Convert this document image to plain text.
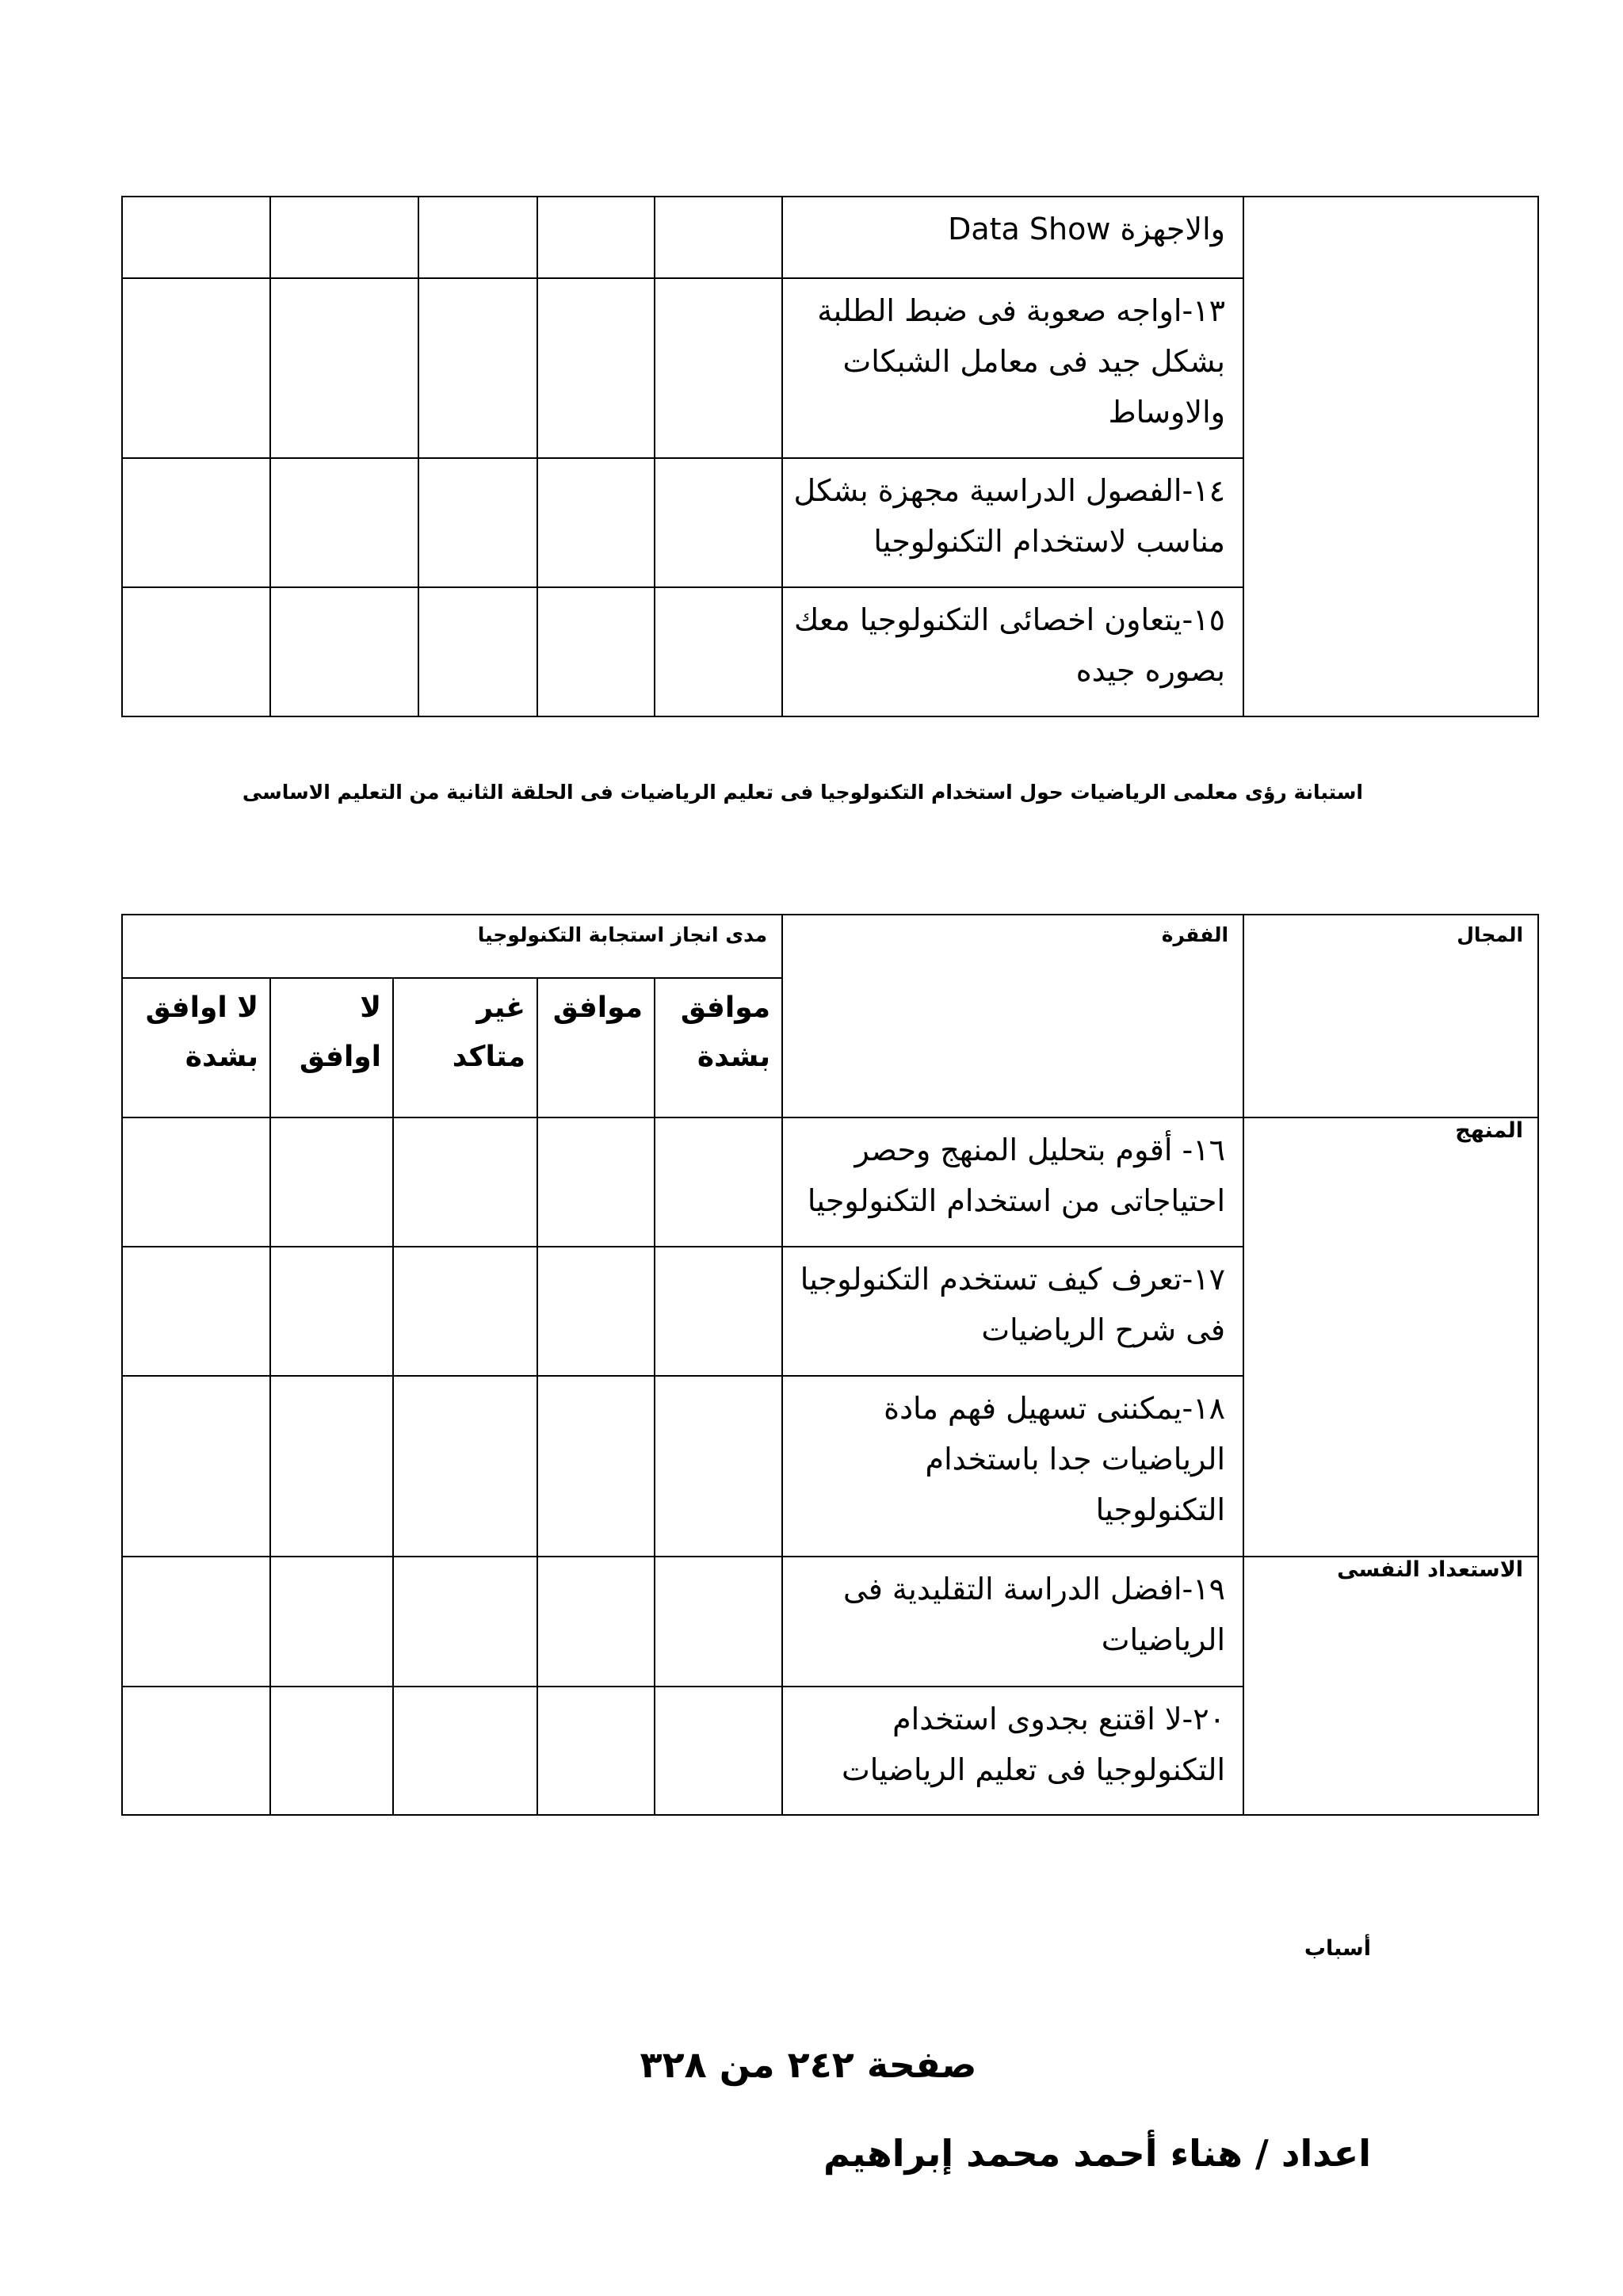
					والاجهزة Data Show	

					١٣-اواجه صعوبة فى ضبط الطلبة بشكل جيد فى معامل الشبكات والاوساط	

					١٤-الفصول الدراسية مجهزة بشكل مناسب لاستخدام التكنولوجيا	

					١٥-يتعاون اخصائى التكنولوجيا معك بصوره جيده	
استبانة رؤى معلمى الرياضيات حول استخدام التكنولوجيا فى تعليم الرياضيات فى الحلقة الثانية من التعليم الاساسى
مدى انجاز استجابة التكنولوجيا					الفقرة	المجال

لا اوافق بشدة	لا اوافق	غير متاكد	موافق	موافق بشدة		

					١٦- أقوم بتحليل المنهج وحصر احتياجاتى من استخدام التكنولوجيا	المنهج

					١٧-تعرف كيف تستخدم التكنولوجيا فى شرح الرياضيات	

					١٨-يمكننى تسهيل فهم مادة الرياضيات جدا باستخدام التكنولوجيا	

					١٩-افضل الدراسة التقليدية فى الرياضيات	الاستعداد النفسى

					٢٠-لا اقتنع بجدوى استخدام التكنولوجيا فى تعليم الرياضيات	
أسباب
صفحة ٢٤٢ من ٣٢٨
اعداد / هناء أحمد محمد إبراهيم
